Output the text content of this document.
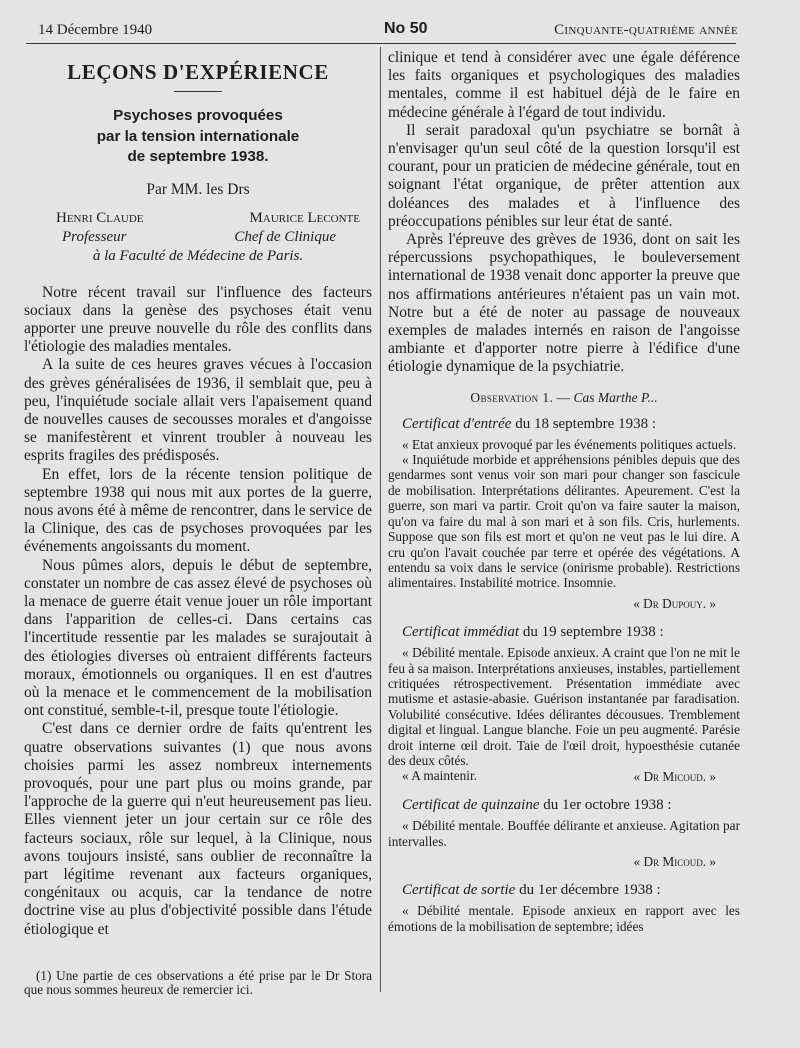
14 Décembre 1940	No 50	Cinquante-quatrième année
LEÇONS D'EXPÉRIENCE
Psychoses provoquées
par la tension internationale
de septembre 1938.
Par MM. les Drs
Henri Claude	Maurice Leconte
Professeur	Chef de Clinique
à la Faculté de Médecine de Paris.

Notre récent travail sur l'influence des facteurs sociaux dans la genèse des psychoses était venu apporter une preuve nouvelle du rôle des conflits dans l'étiologie des maladies mentales.

A la suite de ces heures graves vécues à l'occasion des grèves généralisées de 1936, il semblait que, peu à peu, l'inquiétude sociale allait vers l'apaisement quand de nouvelles causes de secousses morales et d'angoisse se manifestèrent et vinrent troubler à nouveau les esprits fragiles des prédisposés.

En effet, lors de la récente tension politique de septembre 1938 qui nous mit aux portes de la guerre, nous avons été à même de rencontrer, dans le service de la Clinique, des cas de psychoses provoquées par les événements angoissants du moment.

Nous pûmes alors, depuis le début de septembre, constater un nombre de cas assez élevé de psychoses où la menace de guerre était venue jouer un rôle important dans l'apparition de celles-ci. Dans certains cas l'incertitude ressentie par les malades se surajoutait à des étiologies diverses où entraient différents facteurs moraux, émotionnels ou organiques. Il en est d'autres où la menace et le commencement de la mobilisation ont constitué, semble-t-il, presque toute l'étiologie.

C'est dans ce dernier ordre de faits qu'entrent les quatre observations suivantes (1) que nous avons choisies parmi les assez nombreux internements provoqués, pour une part plus ou moins grande, par l'approche de la guerre qui n'eut heureusement pas lieu. Elles viennent jeter un jour certain sur ce rôle des facteurs sociaux, rôle sur lequel, à la Clinique, nous avons toujours insisté, sans oublier de reconnaître la part légitime revenant aux facteurs organiques, congénitaux ou acquis, car la tendance de notre doctrine vise au plus d'objectivité possible dans l'étude étiologique et

(1) Une partie de ces observations a été prise par le Dr Stora que nous sommes heureux de remercier ici.

clinique et tend à considérer avec une égale déférence les faits organiques et psychologiques des maladies mentales, comme il est habituel déjà de le faire en médecine générale à l'égard de tout individu.

Il serait paradoxal qu'un psychiatre se bornât à n'envisager qu'un seul côté de la question lorsqu'il est courant, pour un praticien de médecine générale, tout en soignant l'état organique, de prêter attention aux doléances des malades et à l'influence des préoccupations pénibles sur leur état de santé.

Après l'épreuve des grèves de 1936, dont on sait les répercussions psychopathiques, le bouleversement international de 1938 venait donc apporter la preuve que nos affirmations antérieures n'étaient pas un vain mot. Notre but a été de noter au passage de nouveaux exemples de malades internés en raison de l'angoisse ambiante et d'apporter notre pierre à l'édifice d'une étiologie dynamique de la psychiatrie.

Observation 1. — Cas Marthe P...
Certificat d'entrée du 18 septembre 1938 :

« Etat anxieux provoqué par les événements politiques actuels.

« Inquiétude morbide et appréhensions pénibles depuis que des gendarmes sont venus voir son mari pour changer son fascicule de mobilisation. Interprétations délirantes. Apeurement. C'est la guerre, son mari va partir. Croit qu'on va faire sauter la maison, qu'on va faire du mal à son mari et à son fils. Cris, hurlements. Suppose que son fils est mort et qu'on ne veut pas le lui dire. A cru qu'on l'avait couchée par terre et opérée des végétations. A entendu sa voix dans le service (onirisme probable). Restrictions alimentaires. Instabilité motrice. Insomnie.

« Dr Dupouy. »
Certificat immédiat du 19 septembre 1938 :

« Débilité mentale. Episode anxieux. A craint que l'on ne mit le feu à sa maison. Interprétations anxieuses, instables, partiellement critiquées rétrospectivement. Présentation immédiate avec mutisme et astasie-abasie. Guérison instantanée par faradisation. Volubilité consécutive. Idées délirantes décousues. Tremblement digital et lingual. Langue blanche. Foie un peu augmenté. Parésie droit interne œil droit. Taie de l'œil droit, hypoesthésie cutanée des deux côtés.

« A maintenir.	« Dr Micoud. »
Certificat de quinzaine du 1er octobre 1938 :

« Débilité mentale. Bouffée délirante et anxieuse. Agitation par intervalles.

« Dr Micoud. »
Certificat de sortie du 1er décembre 1938 :

« Débilité mentale. Episode anxieux en rapport avec les émotions de la mobilisation de septembre; idées
